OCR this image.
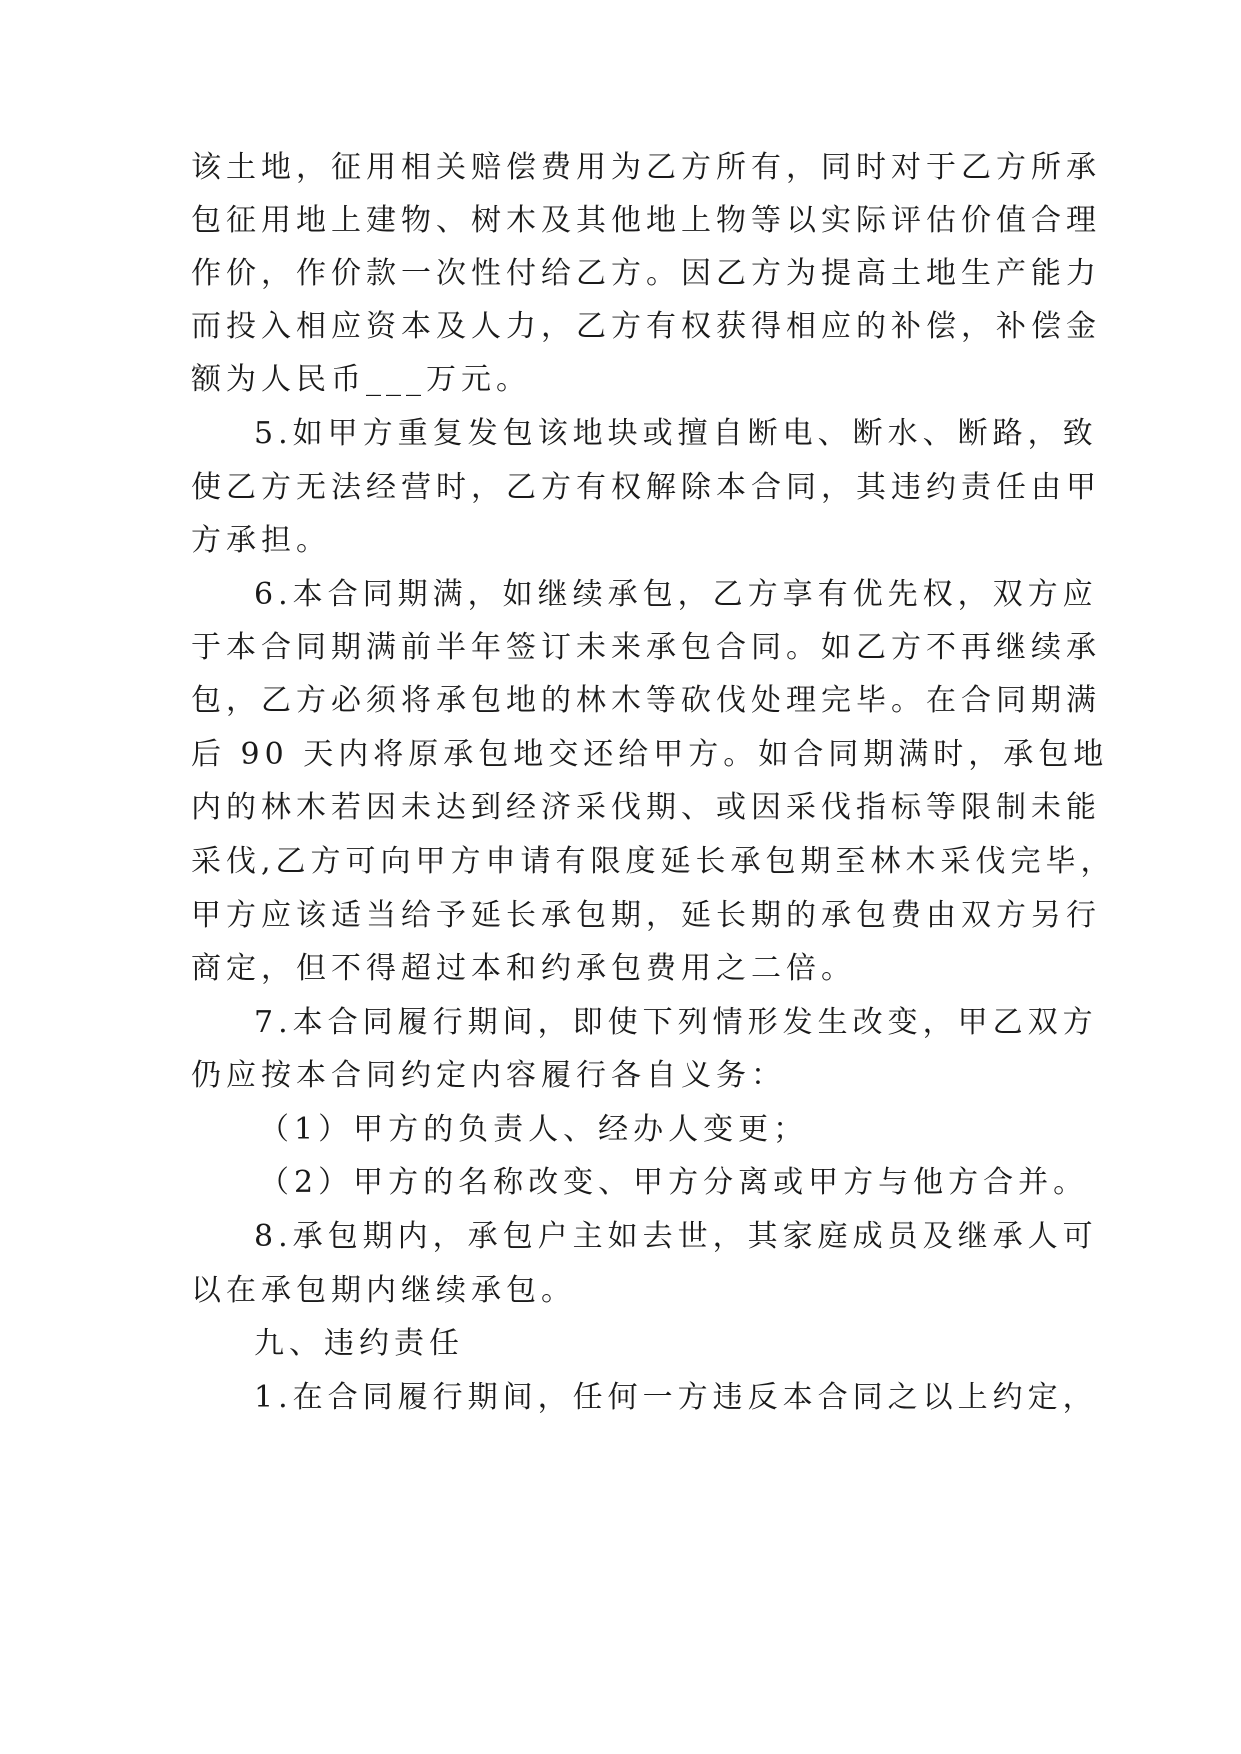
该土地，征用相关赔偿费用为乙方所有，同时对于乙方所承
包征用地上建物、树木及其他地上物等以实际评估价值合理
作价，作价款一次性付给乙方。因乙方为提高土地生产能力
而投入相应资本及人力，乙方有权获得相应的补偿，补偿金
额为人民币___万元。
5.如甲方重复发包该地块或擅自断电、断水、断路，致
使乙方无法经营时，乙方有权解除本合同，其违约责任由甲
方承担。
6.本合同期满，如继续承包，乙方享有优先权，双方应
于本合同期满前半年签订未来承包合同。如乙方不再继续承
包，乙方必须将承包地的林木等砍伐处理完毕。在合同期满
后 90 天内将原承包地交还给甲方。如合同期满时，承包地
内的林木若因未达到经济采伐期、或因采伐指标等限制未能
采伐,乙方可向甲方申请有限度延长承包期至林木采伐完毕，
甲方应该适当给予延长承包期，延长期的承包费由双方另行
商定，但不得超过本和约承包费用之二倍。
7.本合同履行期间，即使下列情形发生改变，甲乙双方
仍应按本合同约定内容履行各自义务：
（1）甲方的负责人、经办人变更；
（2）甲方的名称改变、甲方分离或甲方与他方合并。
8.承包期内，承包户主如去世，其家庭成员及继承人可
以在承包期内继续承包。
九、违约责任
1.在合同履行期间，任何一方违反本合同之以上约定，
